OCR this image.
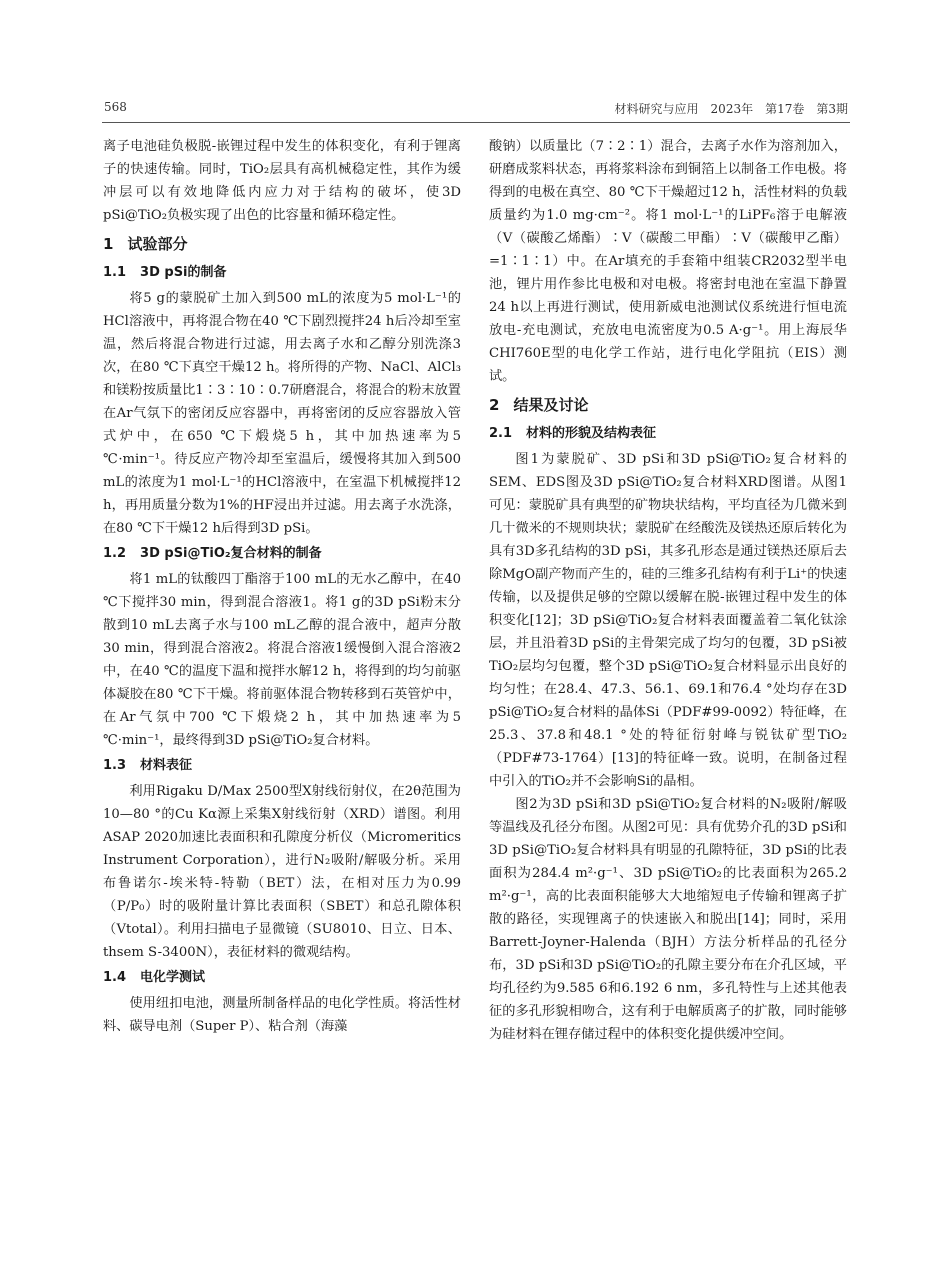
568	材料研究与应用　2023年　第17卷　第3期

离子电池硅负极脱-嵌锂过程中发生的体积变化，有利于锂离子的快速传输。同时，TiO₂层具有高机械稳定性，其作为缓冲层可以有效地降低内应力对于结构的破坏，使3D pSi@TiO₂负极实现了出色的比容量和循环稳定性。

1 试验部分
1.1 3D pSi的制备

将5 g的蒙脱矿土加入到500 mL的浓度为5 mol·L⁻¹的HCl溶液中，再将混合物在40 ℃下剧烈搅拌24 h后冷却至室温，然后将混合物进行过滤，用去离子水和乙醇分别洗涤3次，在80 ℃下真空干燥12 h。将所得的产物、NaCl、AlCl₃和镁粉按质量比1∶3∶10∶0.7研磨混合，将混合的粉末放置在Ar气氛下的密闭反应容器中，再将密闭的反应容器放入管式炉中，在650 ℃下煅烧5 h，其中加热速率为5 ℃·min⁻¹。待反应产物冷却至室温后，缓慢将其加入到500 mL的浓度为1 mol·L⁻¹的HCl溶液中，在室温下机械搅拌12 h，再用质量分数为1%的HF浸出并过滤。用去离子水洗涤，在80 ℃下干燥12 h后得到3D pSi。

1.2 3D pSi@TiO₂复合材料的制备

将1 mL的钛酸四丁酯溶于100 mL的无水乙醇中，在40 ℃下搅拌30 min，得到混合溶液1。将1 g的3D pSi粉末分散到10 mL去离子水与100 mL乙醇的混合液中，超声分散30 min，得到混合溶液2。将混合溶液1缓慢倒入混合溶液2中，在40 ℃的温度下温和搅拌水解12 h，将得到的均匀前驱体凝胶在80 ℃下干燥。将前驱体混合物转移到石英管炉中，在Ar气氛中700 ℃下煅烧2 h，其中加热速率为5 ℃·min⁻¹，最终得到3D pSi@TiO₂复合材料。

1.3 材料表征

利用Rigaku D/Max 2500型X射线衍射仪，在2θ范围为10—80 °的Cu Kα源上采集X射线衍射（XRD）谱图。利用ASAP 2020加速比表面积和孔隙度分析仪（Micromeritics Instrument Corporation），进行N₂吸附/解吸分析。采用布鲁诺尔-埃米特-特勒（BET）法，在相对压力为0.99（P/P₀）时的吸附量计算比表面积（SBET）和总孔隙体积（Vtotal）。利用扫描电子显微镜（SU8010、日立、日本、thsem S-3400N），表征材料的微观结构。

1.4 电化学测试

使用纽扣电池，测量所制备样品的电化学性质。将活性材料、碳导电剂（Super P）、粘合剂（海藻

酸钠）以质量比（7∶2∶1）混合，去离子水作为溶剂加入，研磨成浆料状态，再将浆料涂布到铜箔上以制备工作电极。将得到的电极在真空、80 ℃下干燥超过12 h，活性材料的负载质量约为1.0 mg·cm⁻²。将1 mol·L⁻¹的LiPF₆溶于电解液（V（碳酸乙烯酯）∶V（碳酸二甲酯）∶V（碳酸甲乙酯）=1∶1∶1）中。在Ar填充的手套箱中组装CR2032型半电池，锂片用作参比电极和对电极。将密封电池在室温下静置24 h以上再进行测试，使用新威电池测试仪系统进行恒电流放电-充电测试，充放电电流密度为0.5 A·g⁻¹。用上海辰华CHI760E型的电化学工作站，进行电化学阻抗（EIS）测试。

2 结果及讨论
2.1 材料的形貌及结构表征

图1为蒙脱矿、3D pSi和3D pSi@TiO₂复合材料的SEM、EDS图及3D pSi@TiO₂复合材料XRD图谱。从图1可见：蒙脱矿具有典型的矿物块状结构，平均直径为几微米到几十微米的不规则块状；蒙脱矿在经酸洗及镁热还原后转化为具有3D多孔结构的3D pSi，其多孔形态是通过镁热还原后去除MgO副产物而产生的，硅的三维多孔结构有利于Li⁺的快速传输，以及提供足够的空隙以缓解在脱-嵌锂过程中发生的体积变化[12]；3D pSi@TiO₂复合材料表面覆盖着二氧化钛涂层，并且沿着3D pSi的主骨架完成了均匀的包覆，3D pSi被TiO₂层均匀包覆，整个3D pSi@TiO₂复合材料显示出良好的均匀性；在28.4、47.3、56.1、69.1和76.4 °处均存在3D pSi@TiO₂复合材料的晶体Si（PDF#99-0092）特征峰，在25.3、37.8和48.1 °处的特征衍射峰与锐钛矿型TiO₂（PDF#73-1764）[13]的特征峰一致。说明，在制备过程中引入的TiO₂并不会影响Si的晶相。

图2为3D pSi和3D pSi@TiO₂复合材料的N₂吸附/解吸等温线及孔径分布图。从图2可见：具有优势介孔的3D pSi和3D pSi@TiO₂复合材料具有明显的孔隙特征，3D pSi的比表面积为284.4 m²·g⁻¹、3D pSi@TiO₂的比表面积为265.2 m²·g⁻¹，高的比表面积能够大大地缩短电子传输和锂离子扩散的路径，实现锂离子的快速嵌入和脱出[14]；同时，采用Barrett-Joyner-Halenda（BJH）方法分析样品的孔径分布，3D pSi和3D pSi@TiO₂的孔隙主要分布在介孔区域，平均孔径约为9.585 6和6.192 6 nm，多孔特性与上述其他表征的多孔形貌相吻合，这有利于电解质离子的扩散，同时能够为硅材料在锂存储过程中的体积变化提供缓冲空间。
